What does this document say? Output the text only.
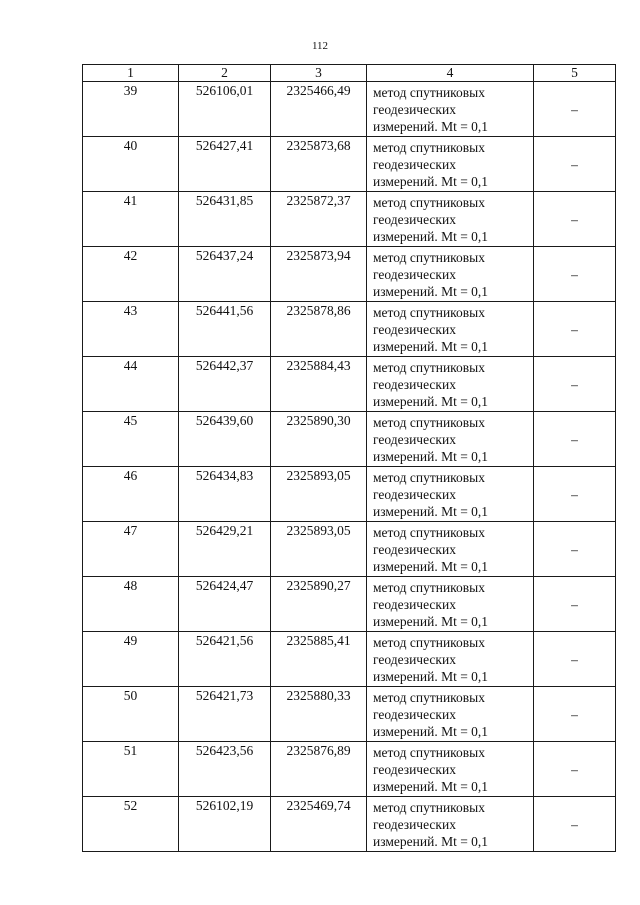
112
1	2	3	4	5
39	526106,01	2325466,49	метод спутниковых
геодезических
измерений. Mt = 0,1	–
40	526427,41	2325873,68	метод спутниковых
геодезических
измерений. Mt = 0,1	–
41	526431,85	2325872,37	метод спутниковых
геодезических
измерений. Mt = 0,1	–
42	526437,24	2325873,94	метод спутниковых
геодезических
измерений. Mt = 0,1	–
43	526441,56	2325878,86	метод спутниковых
геодезических
измерений. Mt = 0,1	–
44	526442,37	2325884,43	метод спутниковых
геодезических
измерений. Mt = 0,1	–
45	526439,60	2325890,30	метод спутниковых
геодезических
измерений. Mt = 0,1	–
46	526434,83	2325893,05	метод спутниковых
геодезических
измерений. Mt = 0,1	–
47	526429,21	2325893,05	метод спутниковых
геодезических
измерений. Mt = 0,1	–
48	526424,47	2325890,27	метод спутниковых
геодезических
измерений. Mt = 0,1	–
49	526421,56	2325885,41	метод спутниковых
геодезических
измерений. Mt = 0,1	–
50	526421,73	2325880,33	метод спутниковых
геодезических
измерений. Mt = 0,1	–
51	526423,56	2325876,89	метод спутниковых
геодезических
измерений. Mt = 0,1	–
52	526102,19	2325469,74	метод спутниковых
геодезических
измерений. Mt = 0,1	–
